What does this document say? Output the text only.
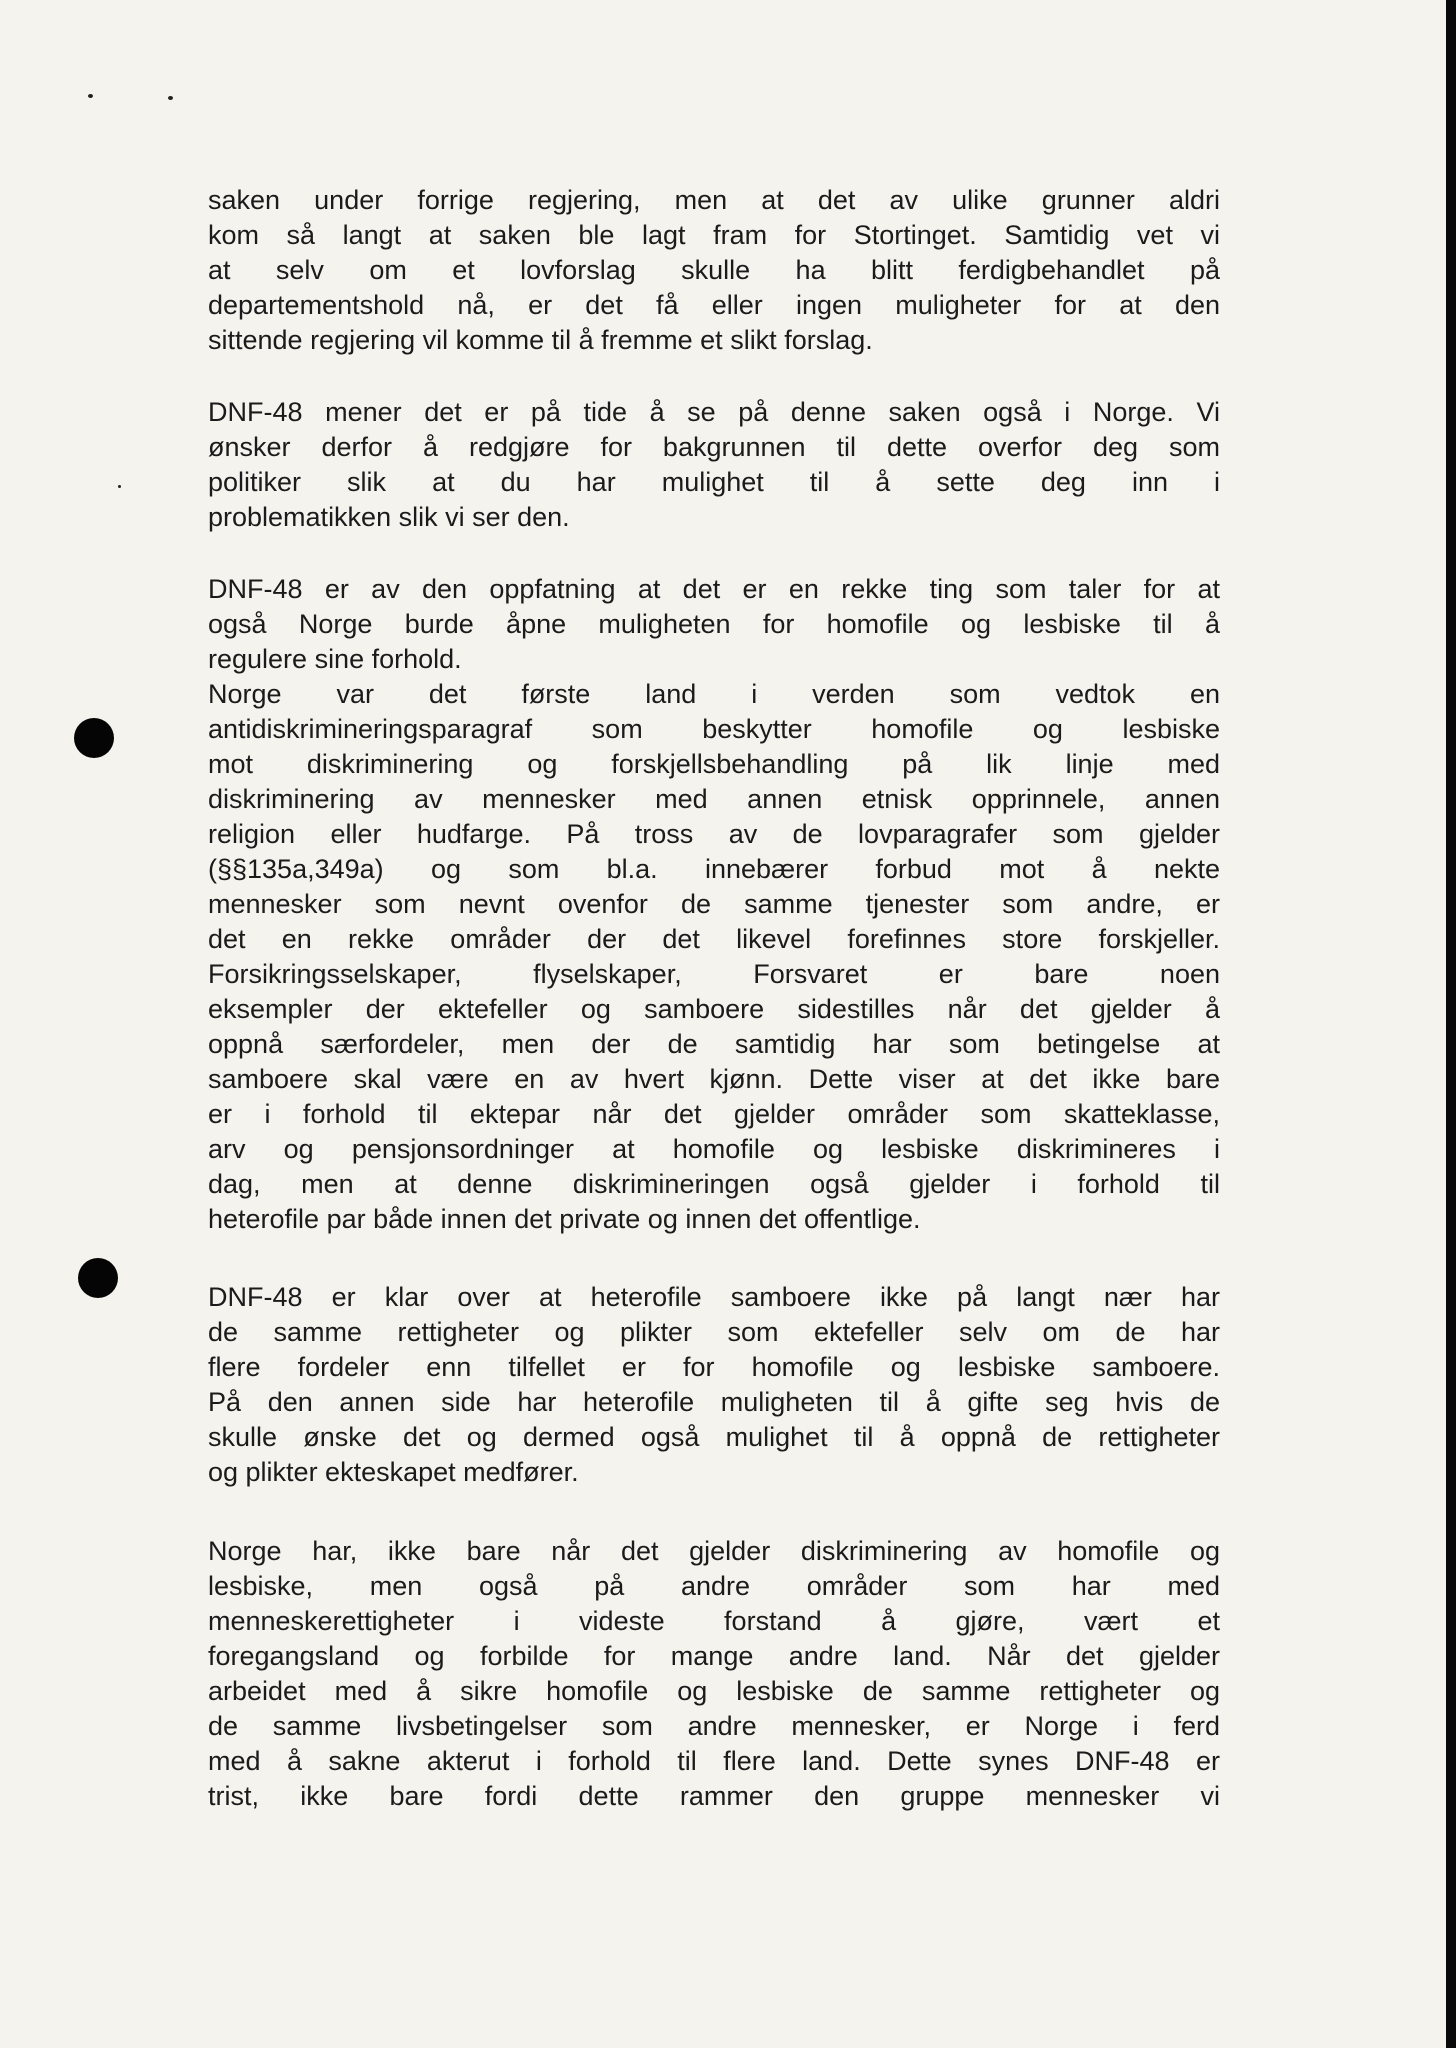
saken under forrige regjering, men at det av ulike grunner aldri
kom så langt at saken ble lagt fram for Stortinget. Samtidig vet vi
at selv om et lovforslag skulle ha blitt ferdigbehandlet på
departementshold nå, er det få eller ingen muligheter for at den
sittende regjering vil komme til å fremme et slikt forslag.
DNF-48 mener det er på tide å se på denne saken også i Norge. Vi
ønsker derfor å redgjøre for bakgrunnen til dette overfor deg som
politiker slik at du har mulighet til å sette deg inn i
problematikken slik vi ser den.
DNF-48 er av den oppfatning at det er en rekke ting som taler for at
også Norge burde åpne muligheten for homofile og lesbiske til å
regulere sine forhold.
Norge var det første land i verden som vedtok en
antidiskrimineringsparagraf som beskytter homofile og lesbiske
mot diskriminering og forskjellsbehandling på lik linje med
diskriminering av mennesker med annen etnisk opprinnele, annen
religion eller hudfarge. På tross av de lovparagrafer som gjelder
(§§135a,349a) og som bl.a. innebærer forbud mot å nekte
mennesker som nevnt ovenfor de samme tjenester som andre, er
det en rekke områder der det likevel forefinnes store forskjeller.
Forsikringsselskaper, flyselskaper, Forsvaret er bare noen
eksempler der ektefeller og samboere sidestilles når det gjelder å
oppnå særfordeler, men der de samtidig har som betingelse at
samboere skal være en av hvert kjønn. Dette viser at det ikke bare
er i forhold til ektepar når det gjelder områder som skatteklasse,
arv og pensjonsordninger at homofile og lesbiske diskrimineres i
dag, men at denne diskrimineringen også gjelder i forhold til
heterofile par både innen det private og innen det offentlige.
DNF-48 er klar over at heterofile samboere ikke på langt nær har
de samme rettigheter og plikter som ektefeller selv om de har
flere fordeler enn tilfellet er for homofile og lesbiske samboere.
På den annen side har heterofile muligheten til å gifte seg hvis de
skulle ønske det og dermed også mulighet til å oppnå de rettigheter
og plikter ekteskapet medfører.
Norge har, ikke bare når det gjelder diskriminering av homofile og
lesbiske, men også på andre områder som har med
menneskerettigheter i videste forstand å gjøre, vært et
foregangsland og forbilde for mange andre land. Når det gjelder
arbeidet med å sikre homofile og lesbiske de samme rettigheter og
de samme livsbetingelser som andre mennesker, er Norge i ferd
med å sakne akterut i forhold til flere land. Dette synes DNF-48 er
trist, ikke bare fordi dette rammer den gruppe mennesker vi
